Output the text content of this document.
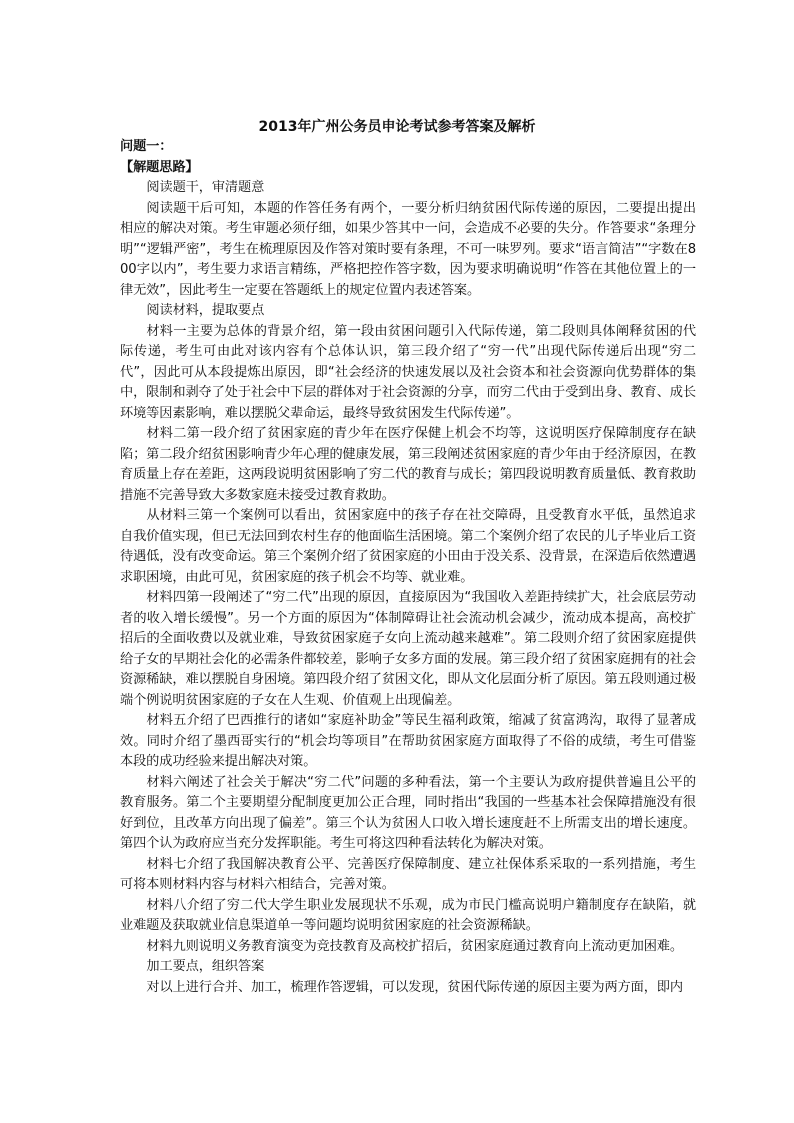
2013年广州公务员申论考试参考答案及解析

问题一：

【解题思路】

阅读题干，审清题意

阅读题干后可知，本题的作答任务有两个，一要分析归纳贫困代际传递的原因，二要提出提出相应的解决对策。考生审题必须仔细，如果少答其中一问，会造成不必要的失分。作答要求“条理分明”“逻辑严密”，考生在梳理原因及作答对策时要有条理，不可一味罗列。要求“语言简洁”“字数在800字以内”，考生要力求语言精练，严格把控作答字数，因为要求明确说明“作答在其他位置上的一律无效”，因此考生一定要在答题纸上的规定位置内表述答案。

阅读材料，提取要点

材料一主要为总体的背景介绍，第一段由贫困问题引入代际传递，第二段则具体阐释贫困的代际传递，考生可由此对该内容有个总体认识，第三段介绍了“穷一代”出现代际传递后出现“穷二代”，因此可从本段提炼出原因，即“社会经济的快速发展以及社会资本和社会资源向优势群体的集中，限制和剥夺了处于社会中下层的群体对于社会资源的分享，而穷二代由于受到出身、教育、成长环境等因素影响，难以摆脱父辈命运，最终导致贫困发生代际传递”。

材料二第一段介绍了贫困家庭的青少年在医疗保健上机会不均等，这说明医疗保障制度存在缺陷；第二段介绍贫困影响青少年心理的健康发展，第三段阐述贫困家庭的青少年由于经济原因，在教育质量上存在差距，这两段说明贫困影响了穷二代的教育与成长；第四段说明教育质量低、教育救助措施不完善导致大多数家庭未接受过教育救助。

从材料三第一个案例可以看出，贫困家庭中的孩子存在社交障碍，且受教育水平低，虽然追求自我价值实现，但已无法回到农村生存的他面临生活困境。第二个案例介绍了农民的儿子毕业后工资待遇低，没有改变命运。第三个案例介绍了贫困家庭的小田由于没关系、没背景，在深造后依然遭遇求职困境，由此可见，贫困家庭的孩子机会不均等、就业难。

材料四第一段阐述了“穷二代”出现的原因，直接原因为“我国收入差距持续扩大，社会底层劳动者的收入增长缓慢”。另一个方面的原因为“体制障碍让社会流动机会减少，流动成本提高，高校扩招后的全面收费以及就业难，导致贫困家庭子女向上流动越来越难”。第二段则介绍了贫困家庭提供给子女的早期社会化的必需条件都较差，影响子女多方面的发展。第三段介绍了贫困家庭拥有的社会资源稀缺，难以摆脱自身困境。第四段介绍了贫困文化，即从文化层面分析了原因。第五段则通过极端个例说明贫困家庭的子女在人生观、价值观上出现偏差。

材料五介绍了巴西推行的诸如“家庭补助金”等民生福利政策，缩减了贫富鸿沟，取得了显著成效。同时介绍了墨西哥实行的“机会均等项目”在帮助贫困家庭方面取得了不俗的成绩，考生可借鉴本段的成功经验来提出解决对策。

材料六阐述了社会关于解决“穷二代”问题的多种看法，第一个主要认为政府提供普遍且公平的教育服务。第二个主要期望分配制度更加公正合理，同时指出“我国的一些基本社会保障措施没有很好到位，且改革方向出现了偏差”。第三个认为贫困人口收入增长速度赶不上所需支出的增长速度。第四个认为政府应当充分发挥职能。考生可将这四种看法转化为解决对策。

材料七介绍了我国解决教育公平、完善医疗保障制度、建立社保体系采取的一系列措施，考生可将本则材料内容与材料六相结合，完善对策。

材料八介绍了穷二代大学生职业发展现状不乐观，成为市民门槛高说明户籍制度存在缺陷，就业难题及获取就业信息渠道单一等问题均说明贫困家庭的社会资源稀缺。

材料九则说明义务教育演变为竞技教育及高校扩招后，贫困家庭通过教育向上流动更加困难。

加工要点，组织答案

对以上进行合并、加工，梳理作答逻辑，可以发现，贫困代际传递的原因主要为两方面，即内
